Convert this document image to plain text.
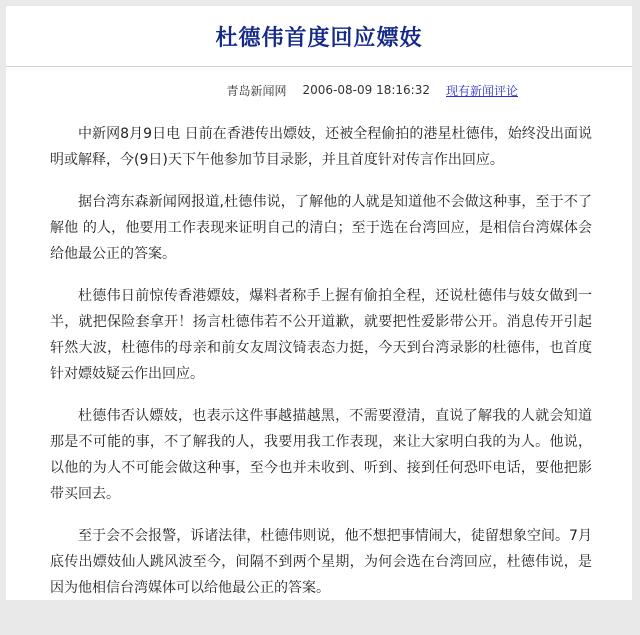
杜德伟首度回应嫖妓
青岛新闻网 2006-08-09 18:16:32 现有新闻评论

中新网8月9日电 日前在香港传出嫖妓，还被全程偷拍的港星杜德伟，始终没出面说明或解释，今(9日)天下午他参加节目录影，并且首度针对传言作出回应。

据台湾东森新闻网报道,杜德伟说，了解他的人就是知道他不会做这种事，至于不了解他 的人，他要用工作表现来证明自己的清白；至于选在台湾回应，是相信台湾媒体会给他最公正的答案。

杜德伟日前惊传香港嫖妓，爆料者称手上握有偷拍全程，还说杜德伟与妓女做到一半，就把保险套拿开！扬言杜德伟若不公开道歉，就要把性爱影带公开。消息传开引起轩然大波，杜德伟的母亲和前女友周汶锜表态力挺，今天到台湾录影的杜德伟，也首度针对嫖妓疑云作出回应。

杜德伟否认嫖妓，也表示这件事越描越黑，不需要澄清，直说了解我的人就会知道那是不可能的事，不了解我的人，我要用我工作表现，来让大家明白我的为人。他说，以他的为人不可能会做这种事，至今也并未收到、听到、接到任何恐吓电话，要他把影带买回去。

至于会不会报警，诉诸法律，杜德伟则说，他不想把事情闹大，徒留想象空间。7月底传出嫖妓仙人跳风波至今，间隔不到两个星期，为何会选在台湾回应，杜德伟说，是因为他相信台湾媒体可以给他最公正的答案。
